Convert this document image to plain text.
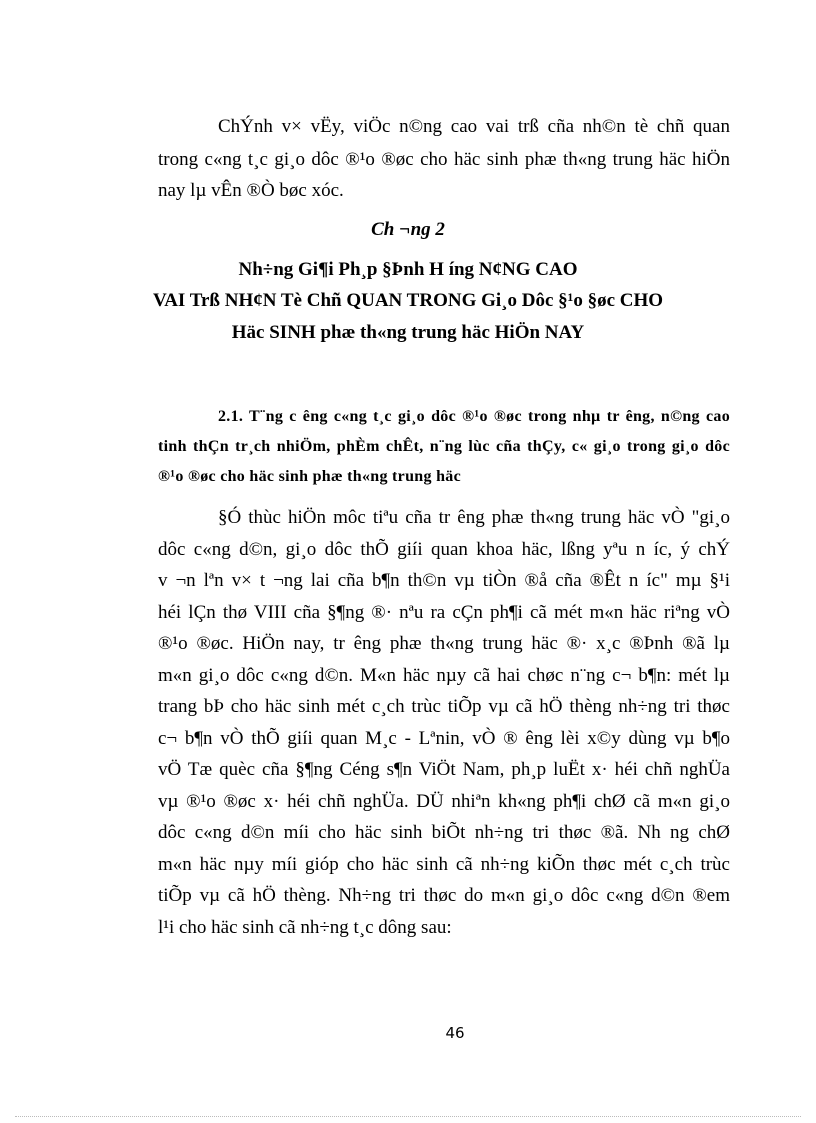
ChÝnh v× vËy, viÖc n©ng cao vai trß cña nh©n tè chñ quan
trong c«ng t¸c gi¸o dôc ®¹o ®øc cho häc sinh phæ th«ng trung häc hiÖn
nay lµ vÊn ®Ò bøc xóc.
Ch ¬ng 2
Nh÷ng Gi¶i Ph¸p §Þnh H íng N¢NG CAO
VAI Trß NH¢N Tè Chñ QUAN TRONG Gi¸o Dôc §¹o §øc CHO
Häc SINH phæ th«ng trung häc HiÖn NAY
2.1. T¨ng c êng c«ng t¸c gi¸o dôc ®¹o ®øc trong nhµ tr êng, n©ng cao
tinh thÇn tr¸ch nhiÖm, phÈm chÊt, n¨ng lùc cña thÇy, c« gi¸o trong gi¸o dôc
®¹o ®øc cho häc sinh phæ th«ng trung häc
§Ó thùc hiÖn môc tiªu cña tr êng phæ th«ng trung häc vÒ "gi¸o
dôc c«ng d©n, gi¸o dôc thÕ giíi quan khoa häc, lßng yªu n íc, ý chÝ
v ¬n lªn v× t ¬ng lai cña b¶n th©n vµ tiÒn ®å cña ®Êt n íc" mµ §¹i
héi lÇn thø VIII cña §¶ng ®· nªu ra cÇn ph¶i cã mét m«n häc riªng vÒ
®¹o ®øc. HiÖn nay, tr êng phæ th«ng trung häc ®· x¸c ®Þnh ®ã lµ
m«n gi¸o dôc c«ng d©n. M«n häc nµy cã hai chøc n¨ng c¬ b¶n: mét lµ
trang bÞ cho häc sinh mét c¸ch trùc tiÕp vµ cã hÖ thèng nh÷ng tri thøc
c¬ b¶n vÒ thÕ giíi quan M¸c - Lªnin, vÒ ® êng lèi x©y dùng vµ b¶o
vÖ Tæ quèc cña §¶ng Céng s¶n ViÖt Nam, ph¸p luËt x· héi chñ nghÜa
vµ ®¹o ®øc x· héi chñ nghÜa. DÜ nhiªn kh«ng ph¶i chØ cã m«n gi¸o
dôc c«ng d©n míi cho häc sinh biÕt nh÷ng tri thøc ®ã. Nh ng chØ
m«n häc nµy míi gióp cho häc sinh cã nh÷ng kiÕn thøc mét c¸ch trùc
tiÕp vµ cã hÖ thèng. Nh÷ng tri thøc do m«n gi¸o dôc c«ng d©n ®em
l¹i cho häc sinh cã nh÷ng t¸c dông sau:
46
